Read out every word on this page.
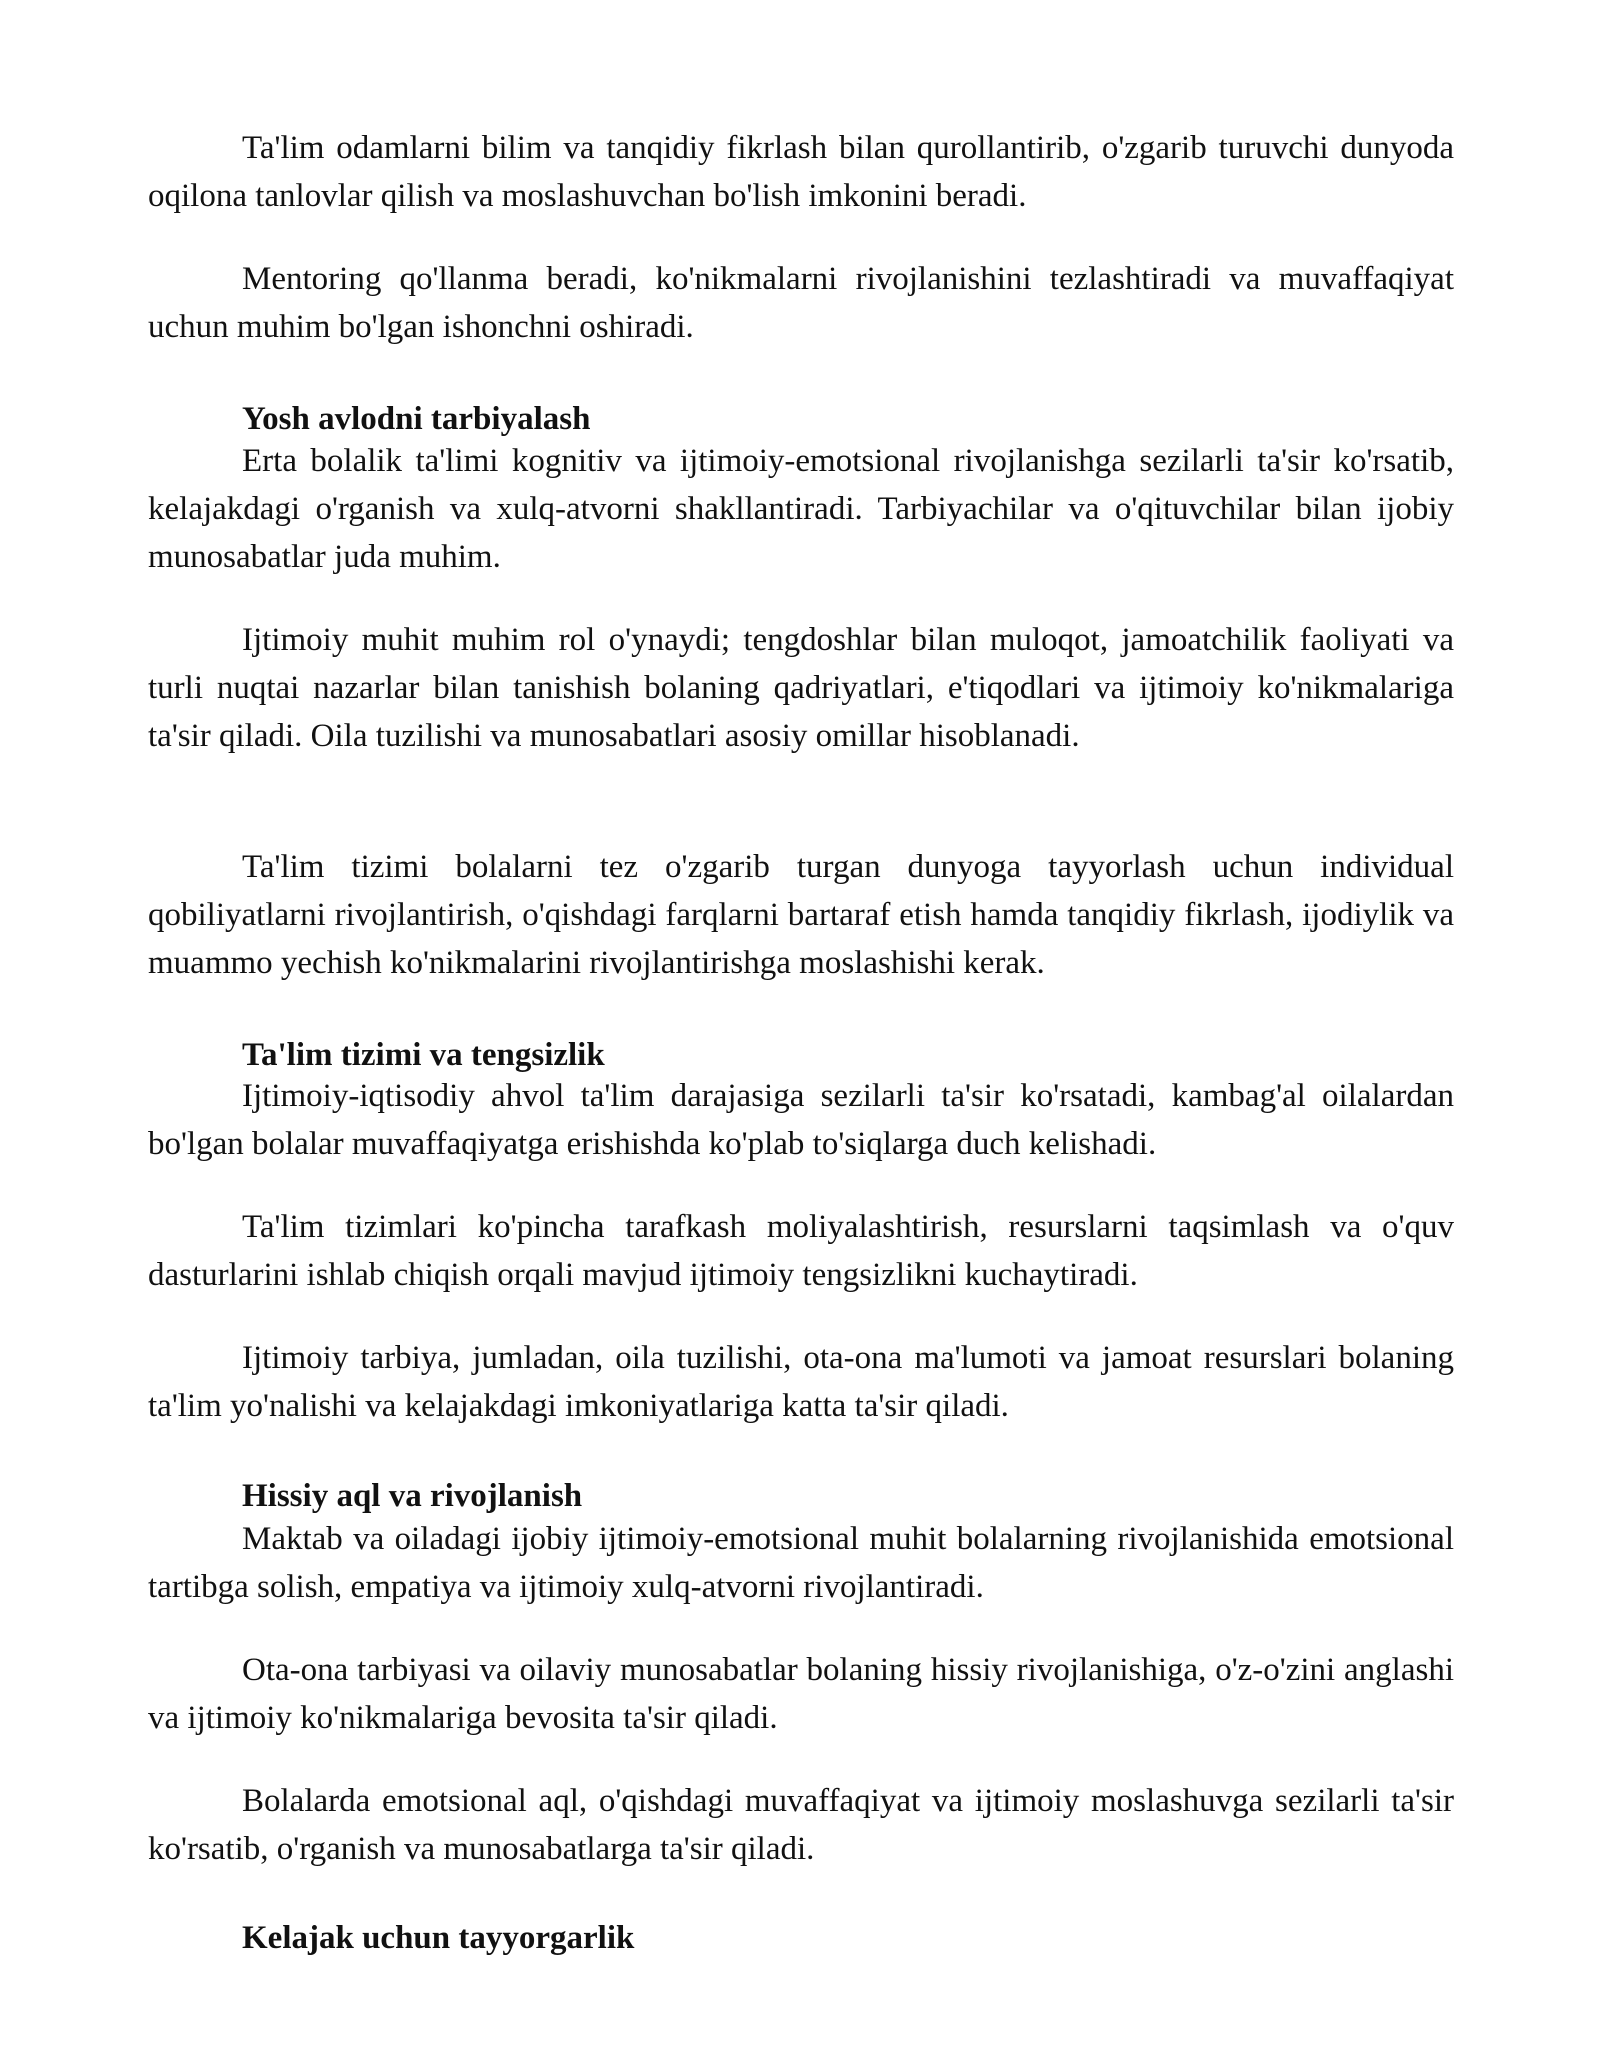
Ta'lim odamlarni bilim va tanqidiy fikrlash bilan qurollantirib, o'zgarib turuvchi dunyoda oqilona tanlovlar qilish va moslashuvchan bo'lish imkonini beradi.

Mentoring qo'llanma beradi, ko'nikmalarni rivojlanishini tezlashtiradi va muvaffaqiyat uchun muhim bo'lgan ishonchni oshiradi.

Yosh avlodni tarbiyalash

Erta bolalik ta'limi kognitiv va ijtimoiy-emotsional rivojlanishga sezilarli ta'sir ko'rsatib, kelajakdagi o'rganish va xulq-atvorni shakllantiradi. Tarbiyachilar va o'qituvchilar bilan ijobiy munosabatlar juda muhim.

Ijtimoiy muhit muhim rol o'ynaydi; tengdoshlar bilan muloqot, jamoatchilik faoliyati va turli nuqtai nazarlar bilan tanishish bolaning qadriyatlari, e'tiqodlari va ijtimoiy ko'nikmalariga ta'sir qiladi. Oila tuzilishi va munosabatlari asosiy omillar hisoblanadi.

Ta'lim tizimi bolalarni tez o'zgarib turgan dunyoga tayyorlash uchun individual qobiliyatlarni rivojlantirish, o'qishdagi farqlarni bartaraf etish hamda tanqidiy fikrlash, ijodiylik va muammo yechish ko'nikmalarini rivojlantirishga moslashishi kerak.

Ta'lim tizimi va tengsizlik

Ijtimoiy-iqtisodiy ahvol ta'lim darajasiga sezilarli ta'sir ko'rsatadi, kambag'al oilalardan bo'lgan bolalar muvaffaqiyatga erishishda ko'plab to'siqlarga duch kelishadi.

Ta'lim tizimlari ko'pincha tarafkash moliyalashtirish, resurslarni taqsimlash va o'quv dasturlarini ishlab chiqish orqali mavjud ijtimoiy tengsizlikni kuchaytiradi.

Ijtimoiy tarbiya, jumladan, oila tuzilishi, ota-ona ma'lumoti va jamoat resurslari bolaning ta'lim yo'nalishi va kelajakdagi imkoniyatlariga katta ta'sir qiladi.

Hissiy aql va rivojlanish

Maktab va oiladagi ijobiy ijtimoiy-emotsional muhit bolalarning rivojlanishida emotsional tartibga solish, empatiya va ijtimoiy xulq-atvorni rivojlantiradi.

Ota-ona tarbiyasi va oilaviy munosabatlar bolaning hissiy rivojlanishiga, o'z-o'zini anglashi va ijtimoiy ko'nikmalariga bevosita ta'sir qiladi.

Bolalarda emotsional aql, o'qishdagi muvaffaqiyat va ijtimoiy moslashuvga sezilarli ta'sir ko'rsatib, o'rganish va munosabatlarga ta'sir qiladi.

Kelajak uchun tayyorgarlik
